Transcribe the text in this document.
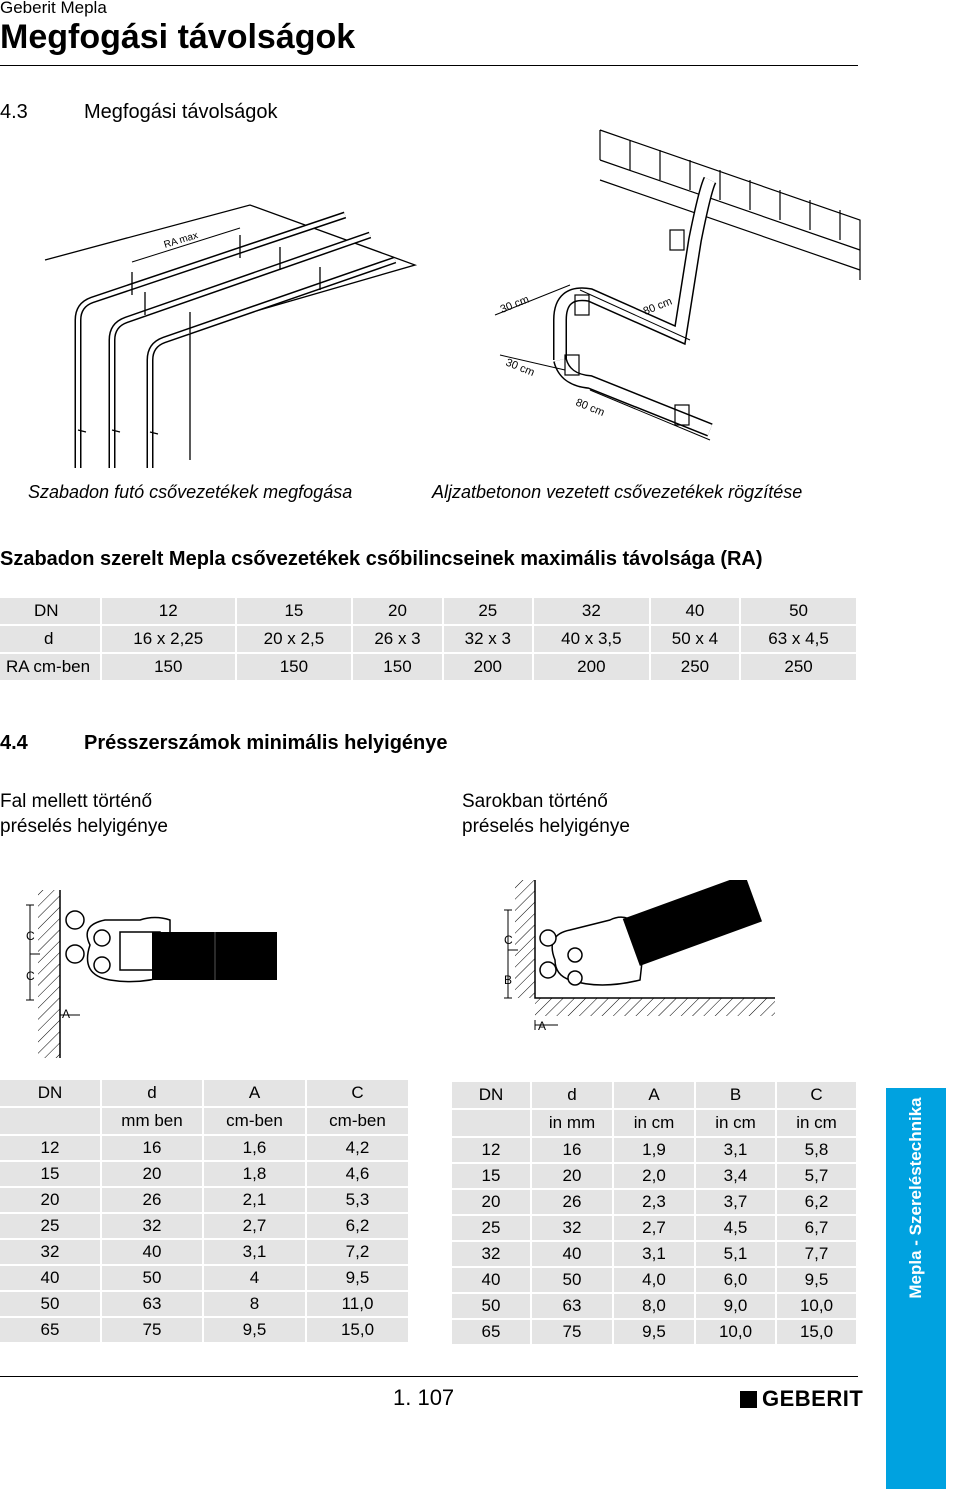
Geberit Mepla
Megfogási távolságok
4.3	Megfogási távolságok
RA max
30 cm	80 cm
30 cm
80 cm
Szabadon futó csővezetékek megfogása	Aljzatbetonon vezetett csővezetékek rögzítése
Szabadon szerelt Mepla csővezetékek csőbilincseinek maximális távolsága (RA)
DN	12	15	20	25	32	40	50
d	16 x 2,25	20 x 2,5	26 x 3	32 x 3	40 x 3,5	50 x 4	63 x 4,5
RA cm-ben	150	150	150	200	200	250	250
4.4	Présszerszámok minimális helyigénye
Fal mellett történő
préselés helyigénye
Sarokban történő
préselés helyigénye
C
C
A
C
B
A
DN	d	A	C
	mm ben	cm-ben	cm-ben
12	16	1,6	4,2
15	20	1,8	4,6
20	26	2,1	5,3
25	32	2,7	6,2
32	40	3,1	7,2
40	50	4	9,5
50	63	8	11,0
65	75	9,5	15,0
DN	d	A	B	C
	in mm	in cm	in cm	in cm
12	16	1,9	3,1	5,8
15	20	2,0	3,4	5,7
20	26	2,3	3,7	6,2
25	32	2,7	4,5	6,7
32	40	3,1	5,1	7,7
40	50	4,0	6,0	9,5
50	63	8,0	9,0	10,0
65	75	9,5	10,0	15,0
Mepla - Szereléstechnika
1. 107	GEBERIT
